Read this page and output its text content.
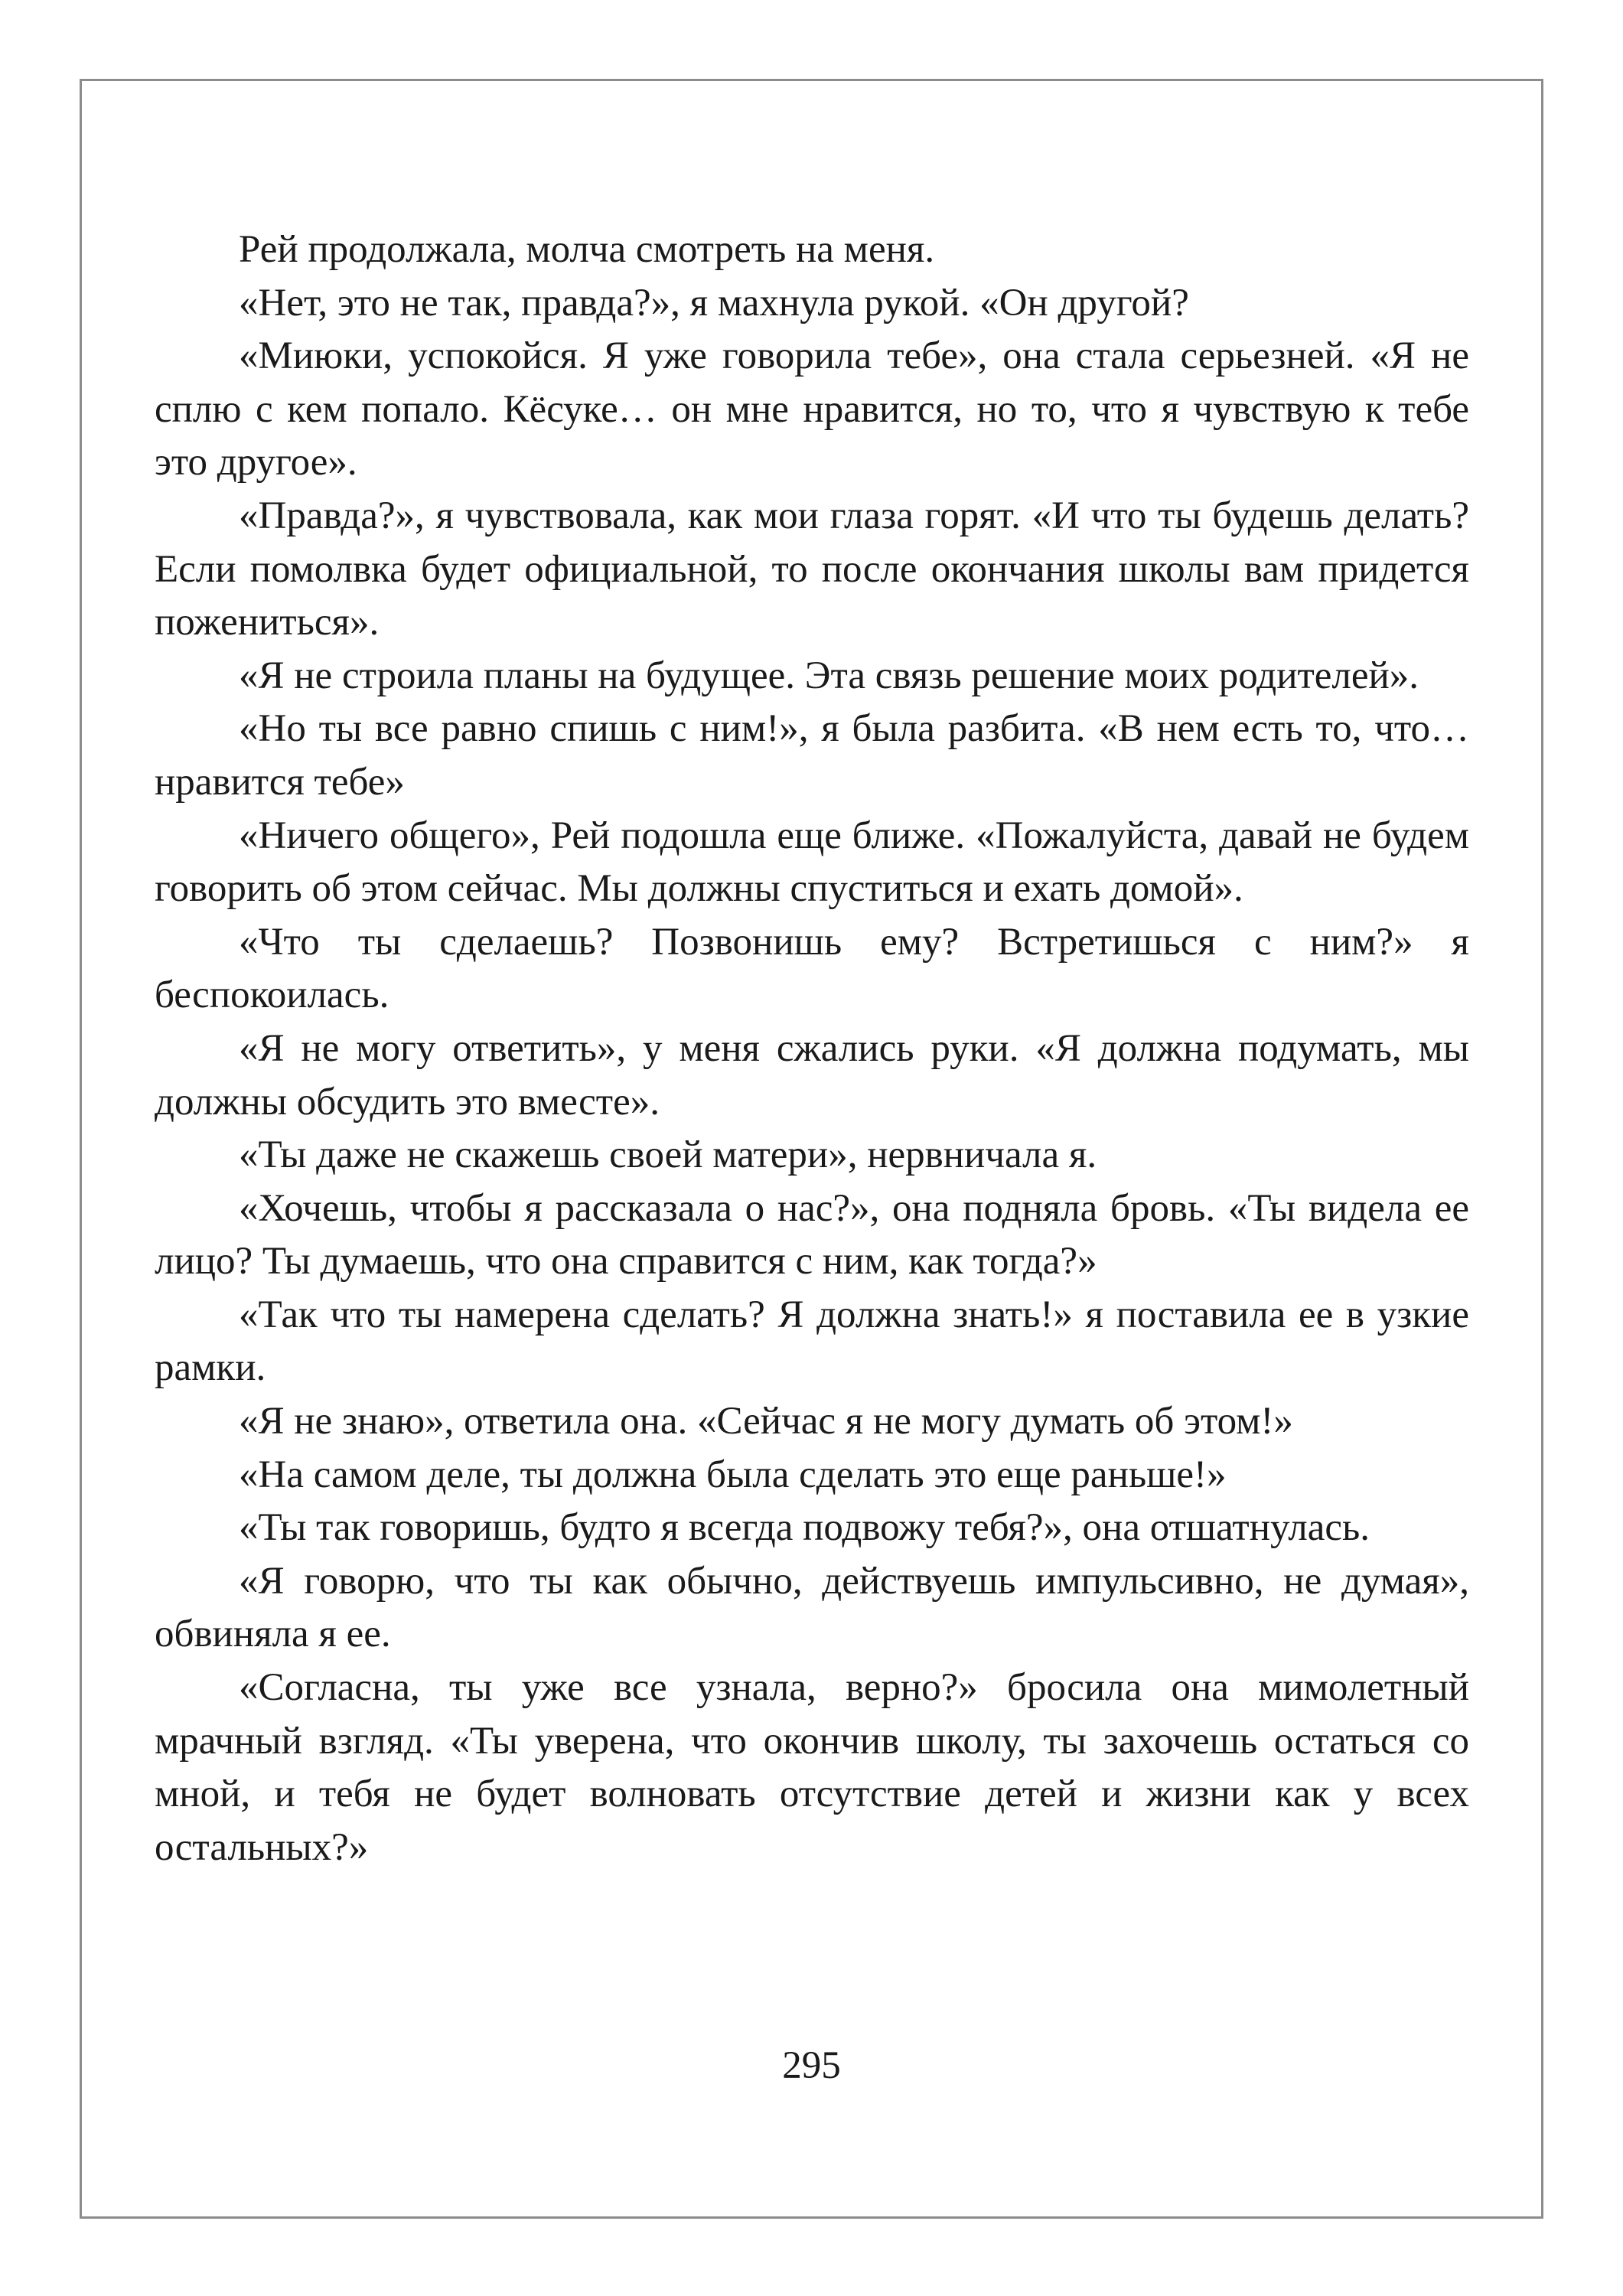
Рей продолжала, молча смотреть на меня.

«Нет, это не так, правда?», я махнула рукой. «Он другой?

«Миюки, успокойся. Я уже говорила тебе», она стала серьезней. «Я не сплю с кем попало. Кёсуке… он мне нравится, но то, что я чувствую к тебе это другое».

«Правда?», я чувствовала, как мои глаза горят. «И что ты будешь делать? Если помолвка будет официальной, то после окончания школы вам придется пожениться».

«Я не строила планы на будущее. Эта связь решение моих родителей».

«Но ты все равно спишь с ним!», я была разбита. «В нем есть то, что… нравится тебе»

«Ничего общего», Рей подошла еще ближе. «Пожалуйста, давай не будем говорить об этом сейчас. Мы должны спуститься и ехать домой».

«Что ты сделаешь? Позвонишь ему? Встретишься с ним?» я беспокоилась.

«Я не могу ответить», у меня сжались руки. «Я должна подумать, мы должны обсудить это вместе».

«Ты даже не скажешь своей матери», нервничала я.

«Хочешь, чтобы я рассказала о нас?», она подняла бровь. «Ты видела ее лицо? Ты думаешь, что она справится с ним, как тогда?»

«Так что ты намерена сделать? Я должна знать!» я поставила ее в узкие рамки.

«Я не знаю», ответила она. «Сейчас я не могу думать об этом!»

«На самом деле, ты должна была сделать это еще раньше!»

«Ты так говоришь, будто я всегда подвожу тебя?», она отшатнулась.

«Я говорю, что ты как обычно, действуешь импульсивно, не думая», обвиняла я ее.

«Согласна, ты уже все узнала, верно?» бросила она мимолетный мрачный взгляд. «Ты уверена, что окончив школу, ты захочешь остаться со мной, и тебя не будет волновать отсутствие детей и жизни как у всех остальных?»

295
